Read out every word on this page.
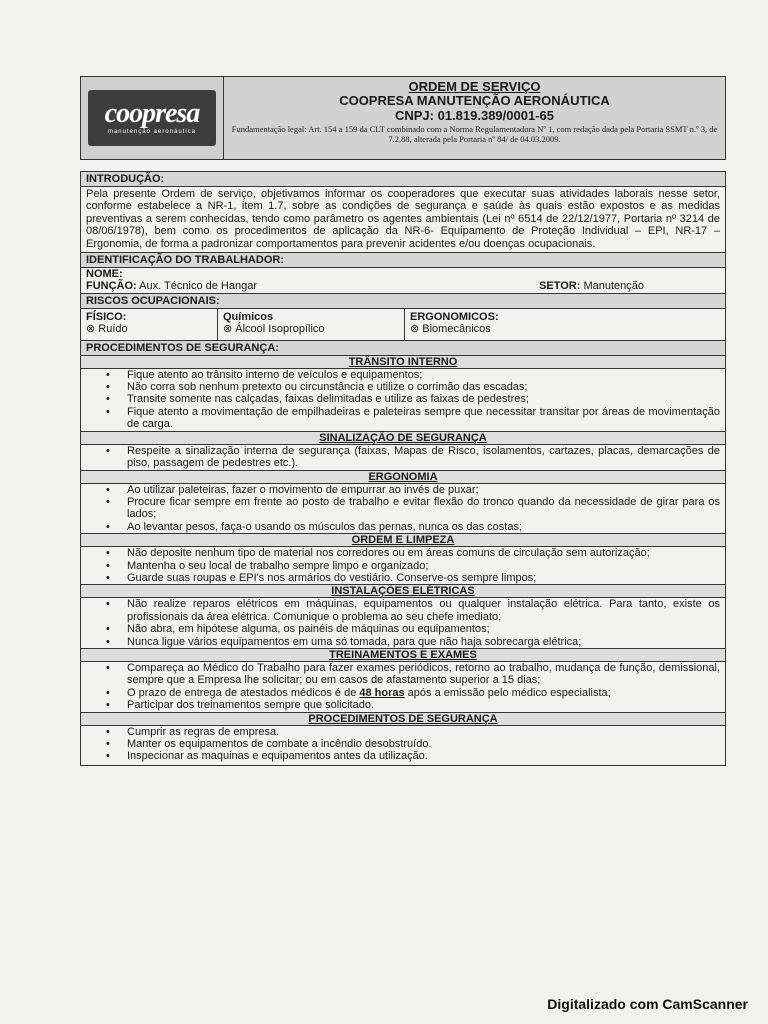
coopresa
manutenção aeronáutica
ORDEM DE SERVIÇO
COOPRESA MANUTENÇÃO AERONÁUTICA
CNPJ: 01.819.389/0001-65
Fundamentação legal: Art. 154 a 159 da CLT combinado com a Norma Regulamentadora Nº 1, com redação dada pela Portaria SSMT n.º 3, de 7.2.88, alterada pela Portaria nº 84/ de 04.03.2009.
INTRODUÇÃO:
Pela presente Ordem de serviço, objetivamos informar os cooperadores que executar suas atividades laborais nesse setor, conforme estabelece a NR-1, item 1.7, sobre as condições de segurança e saúde às quais estão expostos e as medidas preventivas a serem conhecidas, tendo como parâmetro os agentes ambientais (Lei nº 6514 de 22/12/1977, Portaria nº 3214 de 08/06/1978), bem como os procedimentos de aplicação da NR-6- Equipamento de Proteção Individual – EPI, NR-17 – Ergonomia, de forma a padronizar comportamentos para prevenir acidentes e/ou doenças ocupacionais.
IDENTIFICAÇÃO DO TRABALHADOR:
NOME:
FUNÇÃO: Aux. Técnico de Hangar	SETOR: Manutenção
RISCOS OCUPACIONAIS:
FÍSICO:
⊗ Ruído
Químicos
⊗ Álcool Isopropílico
ERGONOMICOS:
⊗ Biomecânicos
PROCEDIMENTOS DE SEGURANÇA:
TRÂNSITO INTERNO
• Fique atento ao trânsito interno de veículos e equipamentos;
• Não corra sob nenhum pretexto ou circunstância e utilize o corrimão das escadas;
• Transite somente nas calçadas, faixas delimitadas e utilize as faixas de pedestres;
• Fique atento a movimentação de empilhadeiras e paleteiras sempre que necessitar transitar por áreas de movimentação de carga.
SINALIZAÇÃO DE SEGURANÇA
• Respeite a sinalização interna de segurança (faixas, Mapas de Risco, isolamentos, cartazes, placas, demarcações de piso, passagem de pedestres etc.).
ERGONOMIA
• Ao utilizar paleteiras, fazer o movimento de empurrar ao invés de puxar;
• Procure ficar sempre em frente ao posto de trabalho e evitar flexão do tronco quando da necessidade de girar para os lados;
• Ao levantar pesos, faça-o usando os músculos das pernas, nunca os das costas;
ORDEM E LIMPEZA
• Não deposite nenhum tipo de material nos corredores ou em áreas comuns de circulação sem autorização;
• Mantenha o seu local de trabalho sempre limpo e organizado;
• Guarde suas roupas e EPI's nos armários do vestiário. Conserve-os sempre limpos;
INSTALAÇÕES ELÉTRICAS
• Não realize reparos elétricos em máquinas, equipamentos ou qualquer instalação elétrica. Para tanto, existe os profissionais da área elétrica. Comunique o problema ao seu chefe imediato;
• Não abra, em hipótese alguma, os painéis de máquinas ou equipamentos;
• Nunca ligue vários equipamentos em uma só tomada, para que não haja sobrecarga elétrica;
TREINAMENTOS E EXAMES
• Compareça ao Médico do Trabalho para fazer exames periódicos, retorno ao trabalho, mudança de função, demissional, sempre que a Empresa lhe solicitar; ou em casos de afastamento superior a 15 dias;
• O prazo de entrega de atestados médicos é de 48 horas após a emissão pelo médico especialista;
• Participar dos treinamentos sempre que solicitado.
PROCEDIMENTOS DE SEGURANÇA
• Cumprir as regras de empresa.
• Manter os equipamentos de combate a incêndio desobstruído.
• Inspecionar as maquinas e equipamentos antes da utilização.
Digitalizado com CamScanner
